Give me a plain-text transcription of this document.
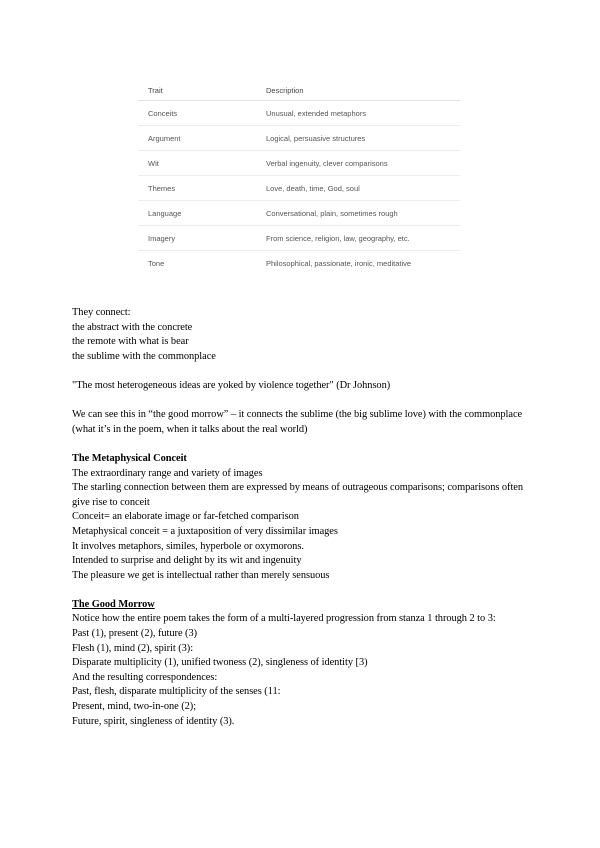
Trait	Description
Conceits	Unusual, extended metaphors
Argument	Logical, persuasive structures
Wit	Verbal ingenuity, clever comparisons
Themes	Love, death, time, God, soul
Language	Conversational, plain, sometimes rough
Imagery	From science, religion, law, geography, etc.
Tone	Philosophical, passionate, ironic, meditative

They connect:

the abstract with the concrete

the remote with what is bear

the sublime with the commonplace

"The most heterogeneous ideas are yoked by violence together" (Dr Johnson)

We can see this in “the good morrow” – it connects the sublime (the big sublime love) with the commonplace (what it’s in the poem, when it talks about the real world)

The Metaphysical Conceit

The extraordinary range and variety of images

The starling connection between them are expressed by means of outrageous comparisons; comparisons often give rise to conceit

Conceit= an elaborate image or far-fetched comparison

Metaphysical conceit = a juxtaposition of very dissimilar images

It involves metaphors, similes, hyperbole or oxymorons.

Intended to surprise and delight by its wit and ingenuity

The pleasure we get is intellectual rather than merely sensuous

The Good Morrow

Notice how the entire poem takes the form of a multi-layered progression from stanza 1 through 2 to 3:

Past (1), present (2), future (3)

Flesh (1), mind (2), spirit (3):

Disparate multiplicity (1), unified twoness (2), singleness of identity [3)

And the resulting correspondences:

Past, flesh, disparate multiplicity of the senses (11:

Present, mind, two-in-one (2);

Future, spirit, singleness of identity (3).
